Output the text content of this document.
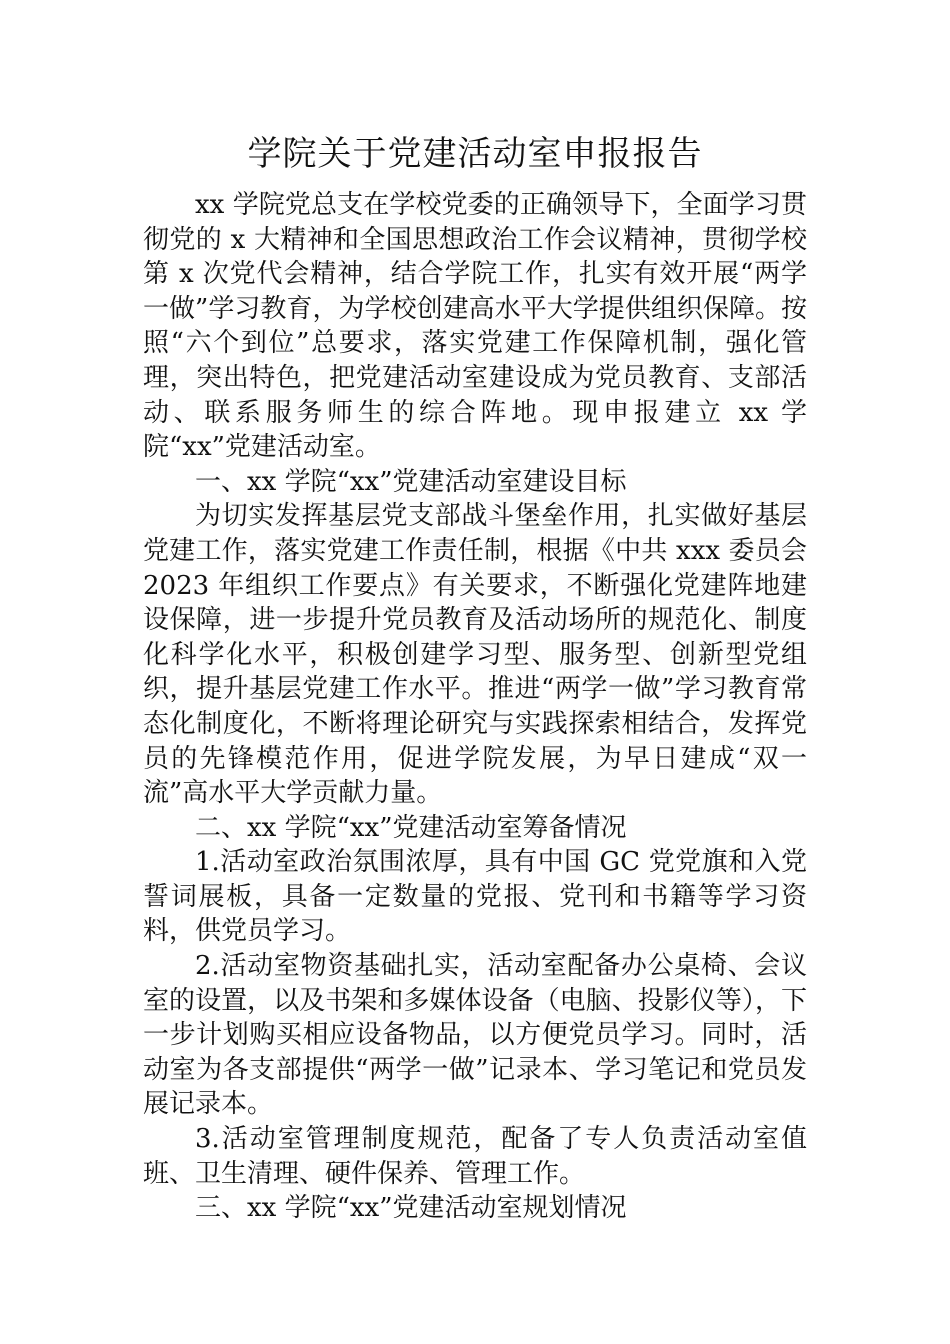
学院关于党建活动室申报报告

xx 学院党总支在学校党委的正确领导下，全面学习贯彻党的 x 大精神和全国思想政治工作会议精神，贯彻学校第 x 次党代会精神，结合学院工作，扎实有效开展“两学一做”学习教育，为学校创建高水平大学提供组织保障。按照“六个到位”总要求，落实党建工作保障机制，强化管理，突出特色，把党建活动室建设成为党员教育、支部活动、联系服务师生的综合阵地。现申报建立 xx 学院“xx”党建活动室。

一、xx 学院“xx”党建活动室建设目标

为切实发挥基层党支部战斗堡垒作用，扎实做好基层党建工作，落实党建工作责任制，根据《中共 xxx 委员会 2023 年组织工作要点》有关要求，不断强化党建阵地建设保障，进一步提升党员教育及活动场所的规范化、制度化科学化水平，积极创建学习型、服务型、创新型党组织，提升基层党建工作水平。推进“两学一做”学习教育常态化制度化，不断将理论研究与实践探索相结合，发挥党员的先锋模范作用，促进学院发展，为早日建成“双一流”高水平大学贡献力量。

二、xx 学院“xx”党建活动室筹备情况

1.活动室政治氛围浓厚，具有中国 GC 党党旗和入党誓词展板，具备一定数量的党报、党刊和书籍等学习资料，供党员学习。

2.活动室物资基础扎实，活动室配备办公桌椅、会议室的设置，以及书架和多媒体设备（电脑、投影仪等），下一步计划购买相应设备物品，以方便党员学习。同时，活动室为各支部提供“两学一做”记录本、学习笔记和党员发展记录本。

3.活动室管理制度规范，配备了专人负责活动室值班、卫生清理、硬件保养、管理工作。

三、xx 学院“xx”党建活动室规划情况
